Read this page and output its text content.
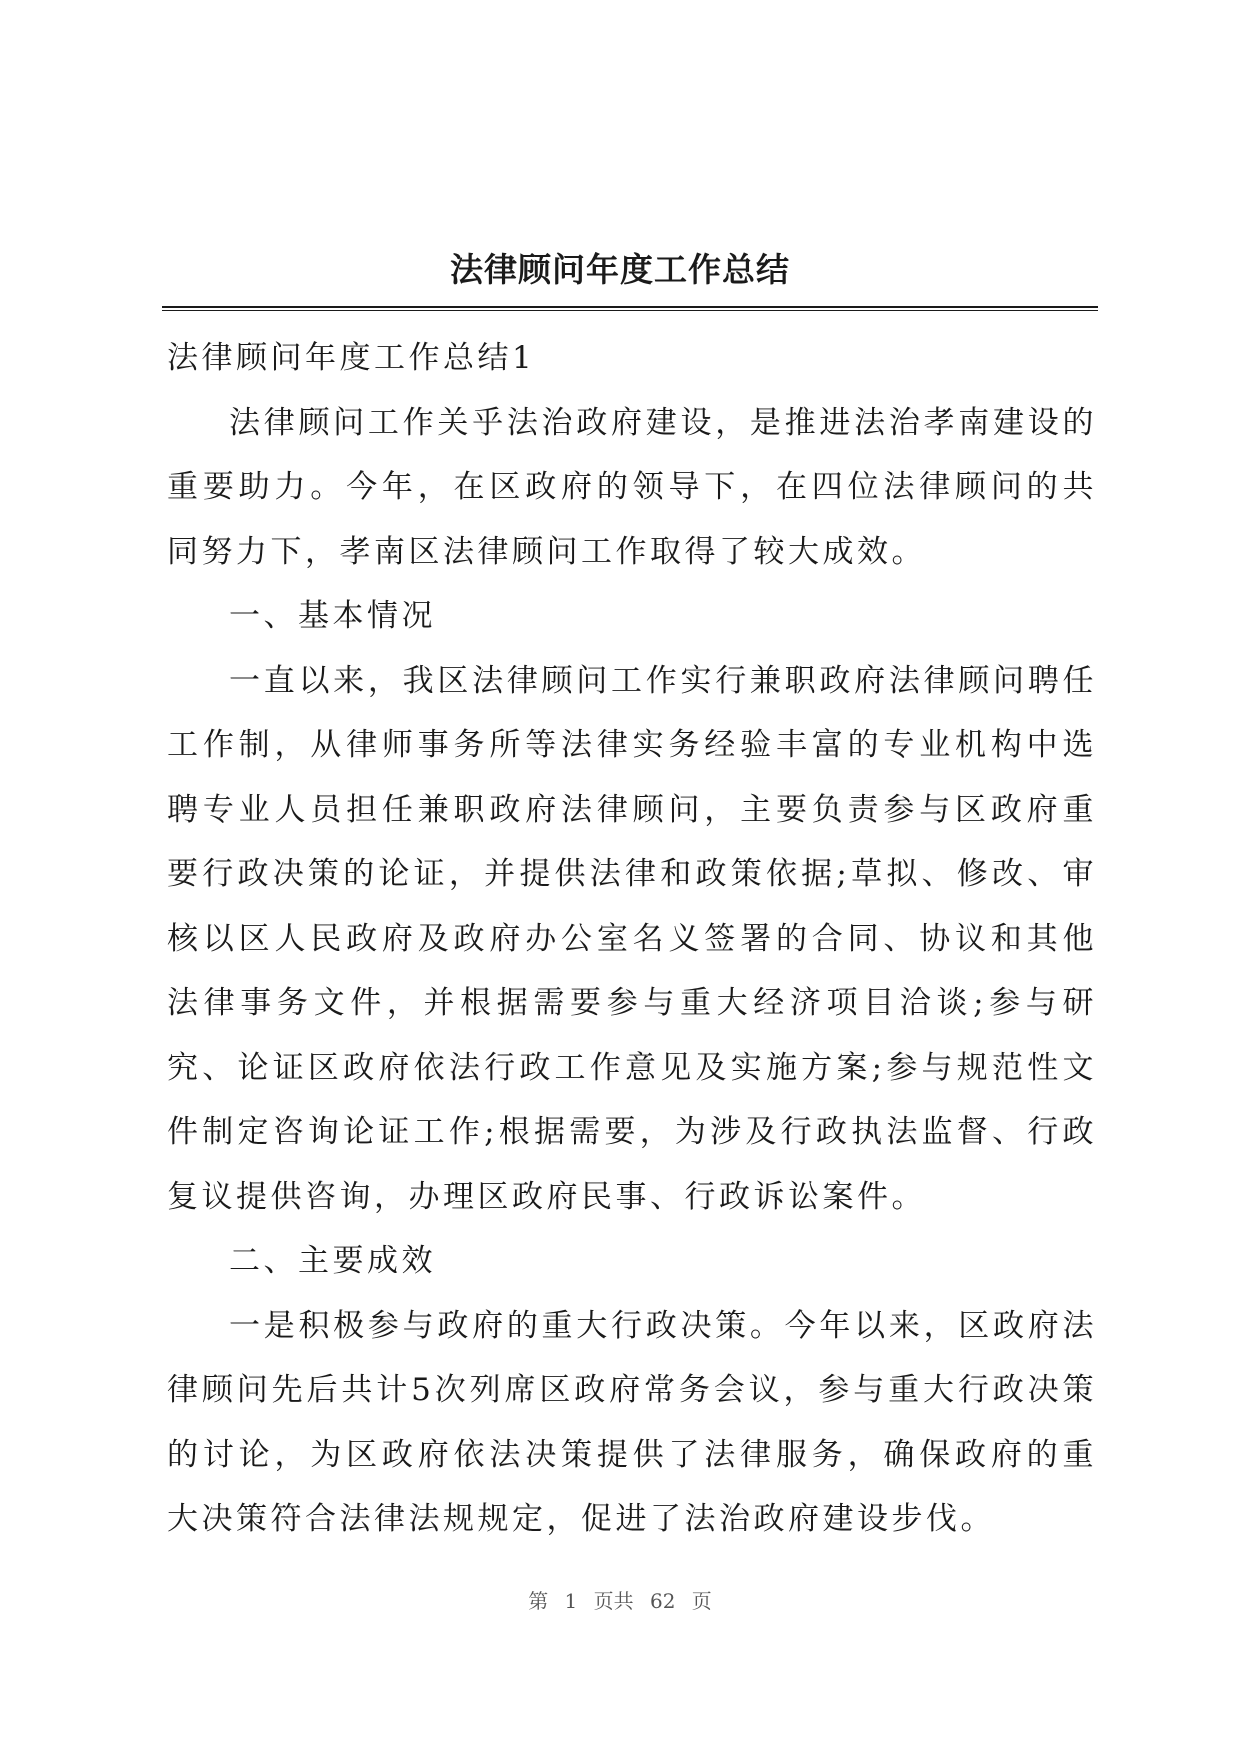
法律顾问年度工作总结

法律顾问年度工作总结1

法律顾问工作关乎法治政府建设，是推进法治孝南建设的重要助力。今年，在区政府的领导下，在四位法律顾问的共同努力下，孝南区法律顾问工作取得了较大成效。

一、基本情况

一直以来，我区法律顾问工作实行兼职政府法律顾问聘任工作制，从律师事务所等法律实务经验丰富的专业机构中选聘专业人员担任兼职政府法律顾问，主要负责参与区政府重要行政决策的论证，并提供法律和政策依据;草拟、修改、审核以区人民政府及政府办公室名义签署的合同、协议和其他法律事务文件，并根据需要参与重大经济项目洽谈;参与研究、论证区政府依法行政工作意见及实施方案;参与规范性文件制定咨询论证工作;根据需要，为涉及行政执法监督、行政复议提供咨询，办理区政府民事、行政诉讼案件。

二、主要成效

一是积极参与政府的重大行政决策。今年以来，区政府法律顾问先后共计5次列席区政府常务会议，参与重大行政决策的讨论，为区政府依法决策提供了法律服务，确保政府的重大决策符合法律法规规定，促进了法治政府建设步伐。

第 1 页共 62 页
